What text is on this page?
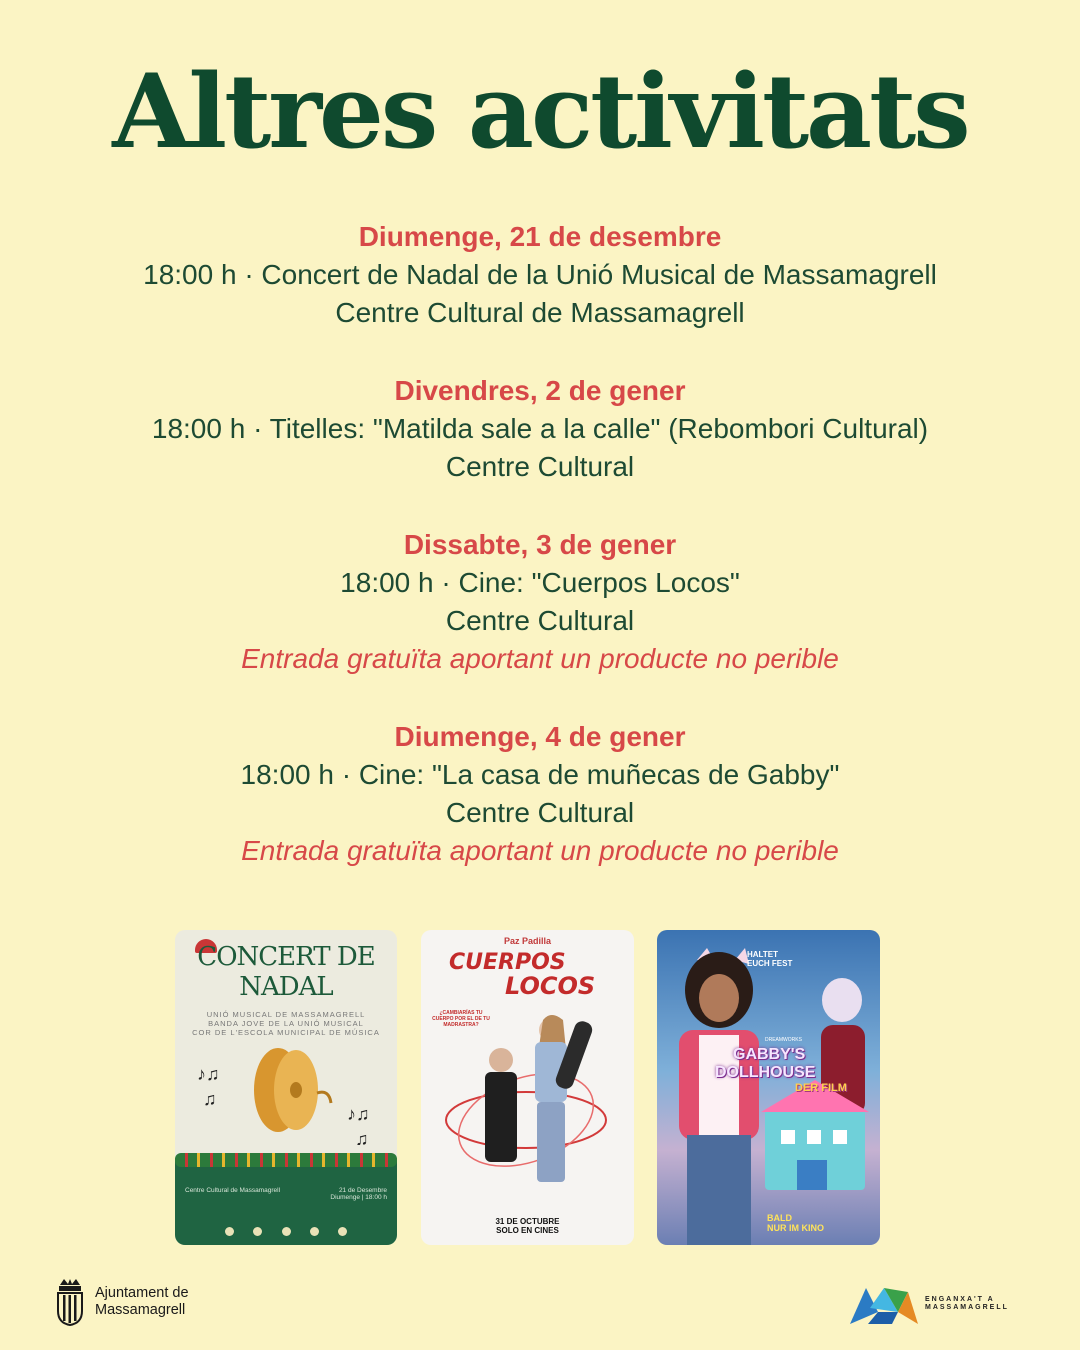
Altres activitats
Diumenge, 21 de desembre
18:00 h · Concert de Nadal de la Unió Musical de Massamagrell
Centre Cultural de Massamagrell
Divendres, 2 de gener
18:00 h · Titelles: "Matilda sale a la calle" (Rebombori Cultural)
Centre Cultural
Dissabte, 3 de gener
18:00 h · Cine: "Cuerpos Locos"
Centre Cultural
Entrada gratuïta aportant un producte no perible
Diumenge, 4 de gener
18:00 h · Cine: "La casa de muñecas de Gabby"
Centre Cultural
Entrada gratuïta aportant un producte no perible
CONCERT DE
NADAL
UNIÓ MUSICAL DE MASSAMAGRELL
BANDA JOVE DE LA UNIÓ MUSICAL
COR DE L'ESCOLA MUNICIPAL DE MÚSICA
♪♫
♫
♪♫
♫
Centre Cultural de Massamagrell	21 de Desembre
Diumenge | 18:00 h
Paz Padilla
CUERPOS
LOCOS
¿CAMBIARÍAS TU CUERPO POR EL DE TU MADRASTRA?
31 DE OCTUBRE
SOLO EN CINES
HALTET
EUCH FEST
DREAMWORKS
GABBY'S
DOLLHOUSE
DER FILM
BALD
NUR IM KINO
Ajuntament de
Massamagrell
ENGANXA'T A
MASSAMAGRELL
